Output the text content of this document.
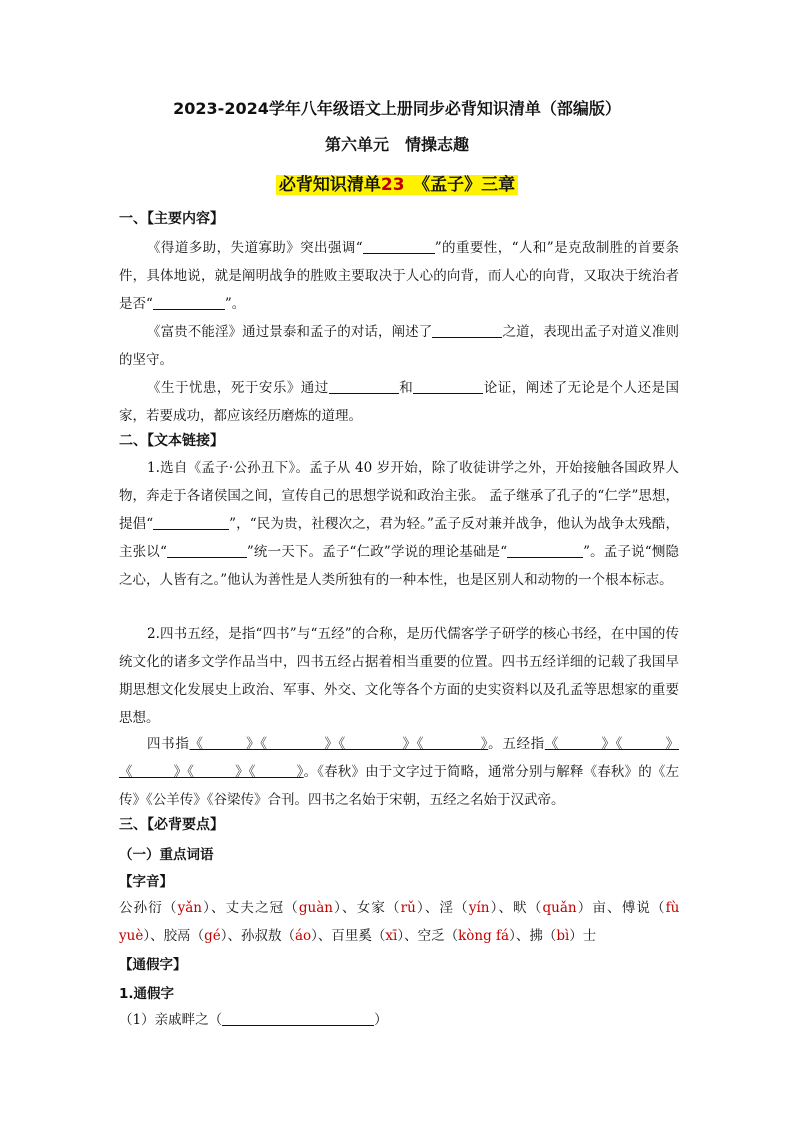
2023-2024学年八年级语文上册同步必背知识清单（部编版）
第六单元　情操志趣
必背知识清单23　 《孟子》三章
一、【主要内容】
《得道多助，失道寡助》突出强调“	”的重要性，“人和”是克敌制胜的首要条件，具体地说，就是阐明战争的胜败主要取决于人心的向背，而人心的向背，又取决于统治者是否“	”。
《富贵不能淫》通过景泰和孟子的对话，阐述了	之道，表现出孟子对道义准则的坚守。
《生于忧患，死于安乐》通过	和	论证，阐述了无论是个人还是国家，若要成功，都应该经历磨炼的道理。
二、【文本链接】
1.选自《孟子·公孙丑下》。孟子从 40 岁开始，除了收徒讲学之外，开始接触各国政界人物，奔走于各诸侯国之间，宣传自己的思想学说和政治主张。 孟子继承了孔子的“仁学”思想，提倡“	”，“民为贵，社稷次之，君为轻。”孟子反对兼并战争，他认为战争太残酷，主张以“	”统一天下。孟子“仁政”学说的理论基础是“	”。孟子说“恻隐之心，人皆有之。”他认为善性是人类所独有的一种本性，也是区别人和动物的一个根本标志。
2.四书五经，是指“四书”与“五经”的合称，是历代儒客学子研学的核心书经，在中国的传统文化的诸多文学作品当中，四书五经占据着相当重要的位置。四书五经详细的记载了我国早期思想文化发展史上政治、军事、外交、文化等各个方面的史实资料以及孔孟等思想家的重要思想。
四书指《　　　》《　　　　》《　　　　》《　　　　》。五经指《　　　》《　　　》《　　　》《　　　》《　　　》。《春秋》由于文字过于简略，通常分别与解释《春秋》的《左传》《公羊传》《谷梁传》合刊。四书之名始于宋朝，五经之名始于汉武帝。
三、【必背要点】
（一）重点词语
【字音】
公孙衍（yǎn）、丈夫之冠（guàn）、女家（rǔ）、淫（yín）、畎（quǎn）亩、傅说（fù yuè）、胶鬲（gé）、孙叔敖（áo）、百里奚（xī）、空乏（kòng fá）、拂（bì）士
【通假字】
1.通假字
（1）亲戚畔之（	）
